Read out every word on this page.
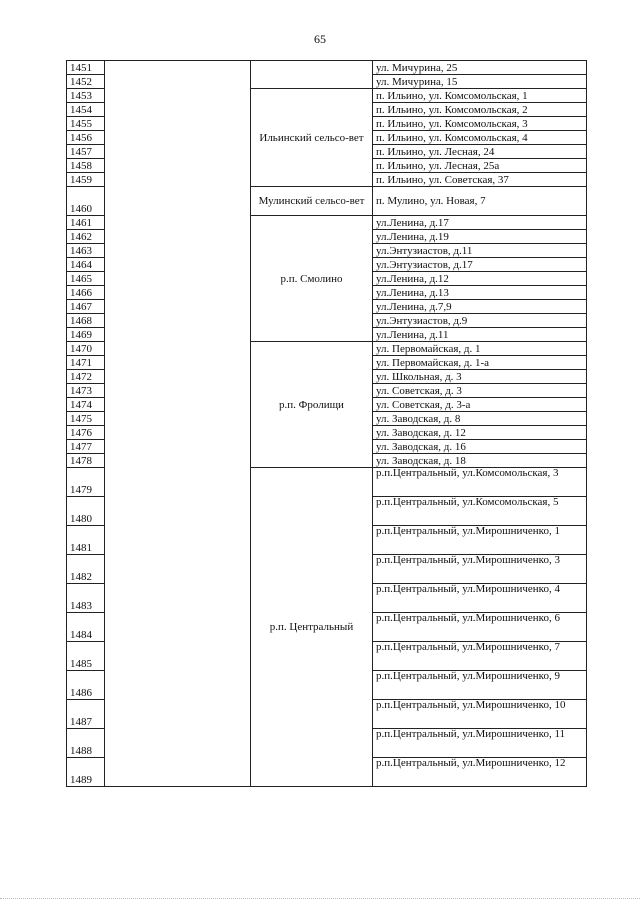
65
1451			ул. Мичурина, 25
1452			ул. Мичурина, 15
1453		Ильинский сельсо-вет	п. Ильино, ул. Комсомольская, 1
1454			п. Ильино, ул. Комсомольская, 2
1455			п. Ильино, ул. Комсомольская, 3
1456			п. Ильино, ул. Комсомольская, 4
1457			п. Ильино, ул. Лесная, 24
1458			п. Ильино, ул. Лесная, 25а
1459			п. Ильино, ул. Советская, 37
1460		Мулинский сельсо-вет	п. Мулино, ул. Новая, 7
1461		р.п. Смолино	ул.Ленина, д.17
1462			ул.Ленина, д.19
1463			ул.Энтузиастов, д.11
1464			ул.Энтузиастов, д.17
1465			ул.Ленина, д.12
1466			ул.Ленина, д.13
1467			ул.Ленина, д.7,9
1468			ул.Энтузиастов, д.9
1469			ул.Ленина, д.11
1470		р.п. Фролищи	ул. Первомайская, д. 1
1471			ул. Первомайская, д. 1-а
1472			ул. Школьная, д. 3
1473			ул. Советская, д. 3
1474			ул. Советская, д. 3-а
1475			ул. Заводская, д. 8
1476			ул. Заводская, д. 12
1477			ул. Заводская, д. 16
1478			ул. Заводская, д. 18
1479		р.п. Центральный	р.п.Центральный, ул.Комсомольская, 3
1480			р.п.Центральный, ул.Комсомольская, 5
1481			р.п.Центральный, ул.Мирошниченко, 1
1482			р.п.Центральный, ул.Мирошниченко, 3
1483			р.п.Центральный, ул.Мирошниченко, 4
1484			р.п.Центральный, ул.Мирошниченко, 6
1485			р.п.Центральный, ул.Мирошниченко, 7
1486			р.п.Центральный, ул.Мирошниченко, 9
1487			р.п.Центральный, ул.Мирошниченко, 10
1488			р.п.Центральный, ул.Мирошниченко, 11
1489			р.п.Центральный, ул.Мирошниченко, 12
